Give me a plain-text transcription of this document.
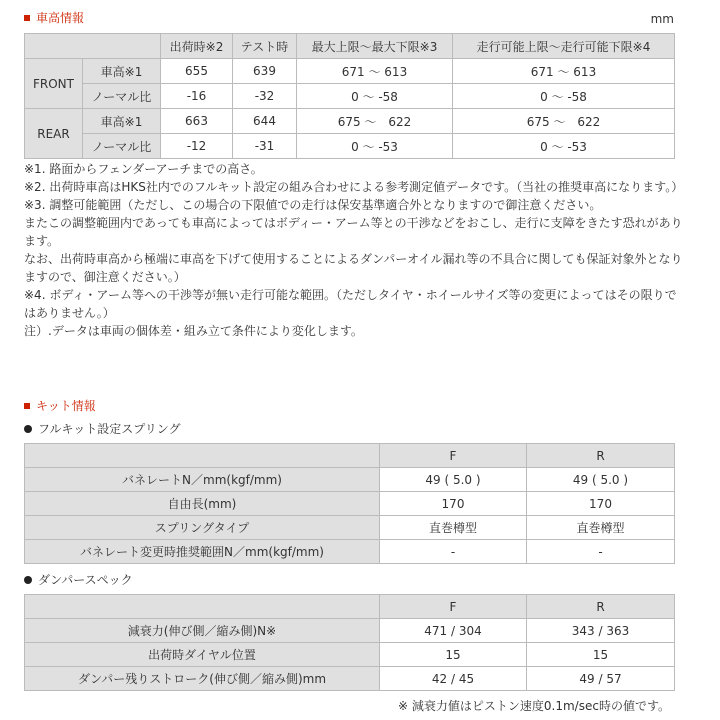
車高情報	mm
		出荷時※2	テスト時	最大上限～最大下限※3	走行可能上限～走行可能下限※4
FRONT	車高※1	655	639	671 ～ 613	671 ～ 613
	ノーマル比	-16	-32	0 ～ -58	0 ～ -58
REAR	車高※1	663	644	675 ～　622	675 ～　622
	ノーマル比	-12	-31	0 ～ -53	0 ～ -53

※1. 路面からフェンダーアーチまでの高さ。

※2. 出荷時車高はHKS社内でのフルキット設定の組み合わせによる参考測定値データです。（当社の推奨車高になります。）

※3. 調整可能範囲（ただし、この場合の下限値での走行は保安基準適合外となりますので御注意ください。

またこの調整範囲内であっても車高によってはボディー・アーム等との干渉などをおこし、走行に支障をきたす恐れがあります。

なお、出荷時車高から極端に車高を下げて使用することによるダンパーオイル漏れ等の不具合に関しても保証対象外となりますので、御注意ください。）

※4. ボディ・アーム等への干渉等が無い走行可能な範囲。（ただしタイヤ・ホイールサイズ等の変更によってはその限りではありません。）

注）.データは車両の個体差・組み立て条件により変化します。

キット情報
フルキット設定スプリング
	F	R
バネレートN／mm(kgf/mm)	49 ( 5.0 )	49 ( 5.0 )
自由長(mm)	170	170
スプリングタイプ	直巻樽型	直巻樽型
バネレート変更時推奨範囲N／mm(kgf/mm)	-	-
ダンパースペック
	F	R
減衰力(伸び側／縮み側)N※	471 / 304	343 / 363
出荷時ダイヤル位置	15	15
ダンパー残りストローク(伸び側／縮み側)mm	42 / 45	49 / 57
※ 減衰力値はピストン速度0.1m/sec時の値です。
